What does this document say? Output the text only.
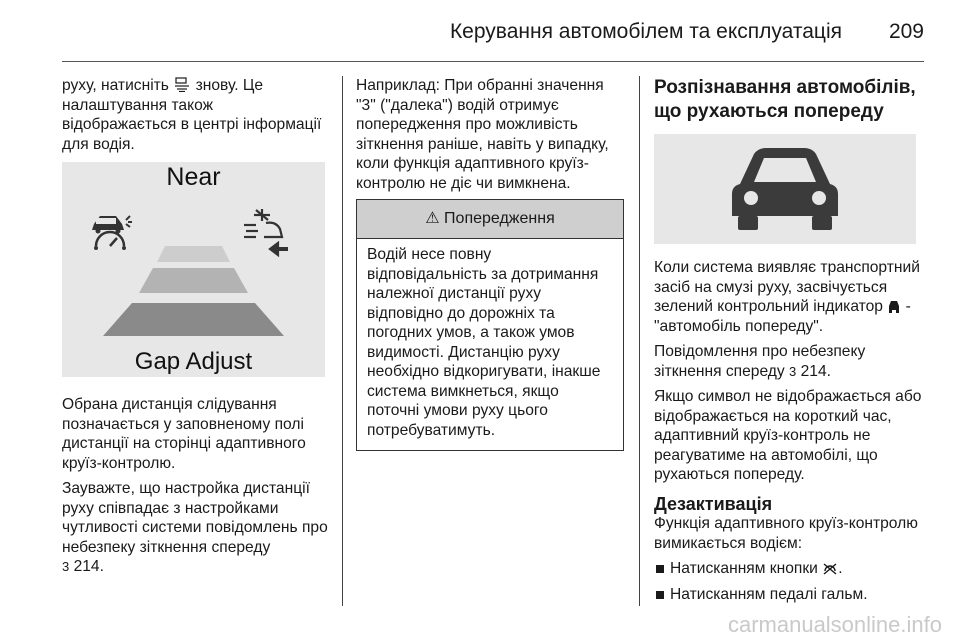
Керування автомобілем та експлуатація 209

руху, натисніть знову. Це налаштування також відображається в центрі інформації для водія.

Near
Gap Adjust

Обрана дистанція слідування позначається у заповненому полі дистанції на сторінці адаптивного круїз-контролю.

Зауважте, що настройка дистанції руху співпадає з настройками чутливості системи повідомлень про небезпеку зіткнення спереду
3 214.

Наприклад: При обранні значення "3" ("далека") водій отримує попередження про можливість зіткнення раніше, навіть у випадку, коли функція адаптивного круїз-контролю не діє чи вимкнена.

⚠ Попередження
Водій несе повну відповідальність за дотримання належної дистанції руху відповідно до дорожніх та погодних умов, а також умов видимості. Дистанцію руху необхідно відкоригувати, інакше система вимкнеться, якщо поточні умови руху цього потребуватимуть.
Розпізнавання автомобілів, що рухаються попереду

Коли система виявляє транспортний засіб на смузі руху, засвічується зелений контрольний індикатор - "автомобіль попереду".

Повідомлення про небезпеку зіткнення спереду 3 214.

Якщо символ не відображається або відображається на короткий час, адаптивний круїз-контроль не реагуватиме на автомобілі, що рухаються попереду.

Дезактивація

Функція адаптивного круїз-контролю вимикається водієм:

Натисканням кнопки .
Натисканням педалі гальм.
carmanualsonline.info
